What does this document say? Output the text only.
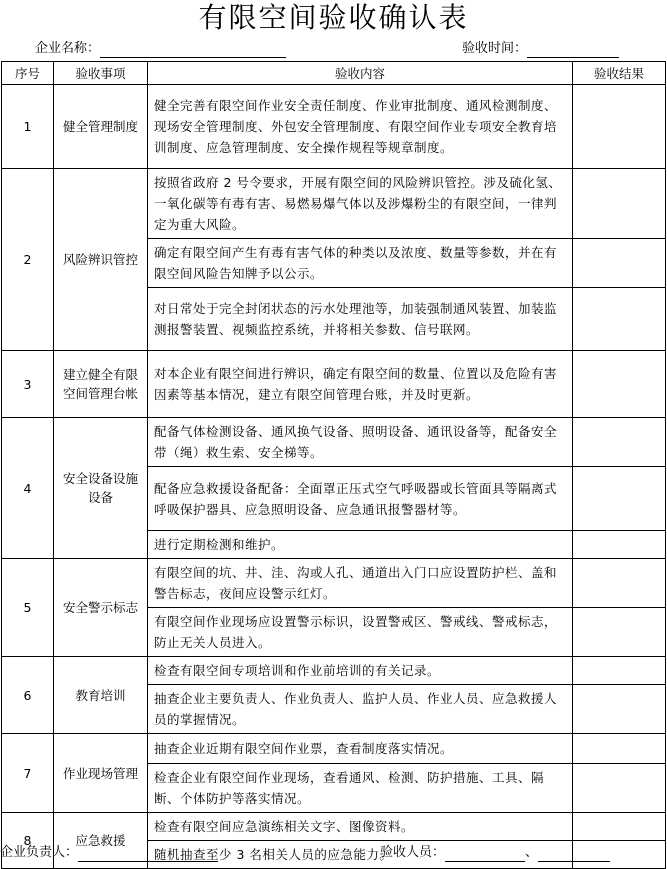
有限空间验收确认表
企业名称：	验收时间：
序号	验收事项	验收内容	验收结果
1	健全管理制度	健全完善有限空间作业安全责任制度、作业审批制度、通风检测制度、现场安全管理制度、外包安全管理制度、有限空间作业专项安全教育培训制度、应急管理制度、安全操作规程等规章制度。	
2	风险辨识管控	按照省政府 2 号令要求，开展有限空间的风险辨识管控。涉及硫化氢、一氧化碳等有毒有害、易燃易爆气体以及涉爆粉尘的有限空间，一律判定为重大风险。	
		确定有限空间产生有毒有害气体的种类以及浓度、数量等参数，并在有限空间风险告知牌予以公示。	
		对日常处于完全封闭状态的污水处理池等，加装强制通风装置、加装监测报警装置、视频监控系统，并将相关参数、信号联网。	
3	建立健全有限空间管理台帐	对本企业有限空间进行辨识，确定有限空间的数量、位置以及危险有害因素等基本情况，建立有限空间管理台账，并及时更新。	
4	安全设备设施设备	配备气体检测设备、通风换气设备、照明设备、通讯设备等，配备安全带（绳）救生索、安全梯等。	
		配备应急救援设备配备：全面罩正压式空气呼吸器或长管面具等隔离式呼吸保护器具、应急照明设备、应急通讯报警器材等。	
		进行定期检测和维护。	
5	安全警示标志	有限空间的坑、井、洼、沟或人孔、通道出入门口应设置防护栏、盖和警告标志，夜间应设警示红灯。	
		有限空间作业现场应设置警示标识，设置警戒区、警戒线、警戒标志，防止无关人员进入。	
6	教育培训	检查有限空间专项培训和作业前培训的有关记录。	
		抽查企业主要负责人、作业负责人、监护人员、作业人员、应急救援人员的掌握情况。	
7	作业现场管理	抽查企业近期有限空间作业票，查看制度落实情况。	
		检查企业有限空间作业现场，查看通风、检测、防护措施、工具、隔断、个体防护等落实情况。	
8	应急救援	检查有限空间应急演练相关文字、图像资料。	
		随机抽查至少 3 名相关人员的应急能力。	
企业负责人：	验收人员：	、
